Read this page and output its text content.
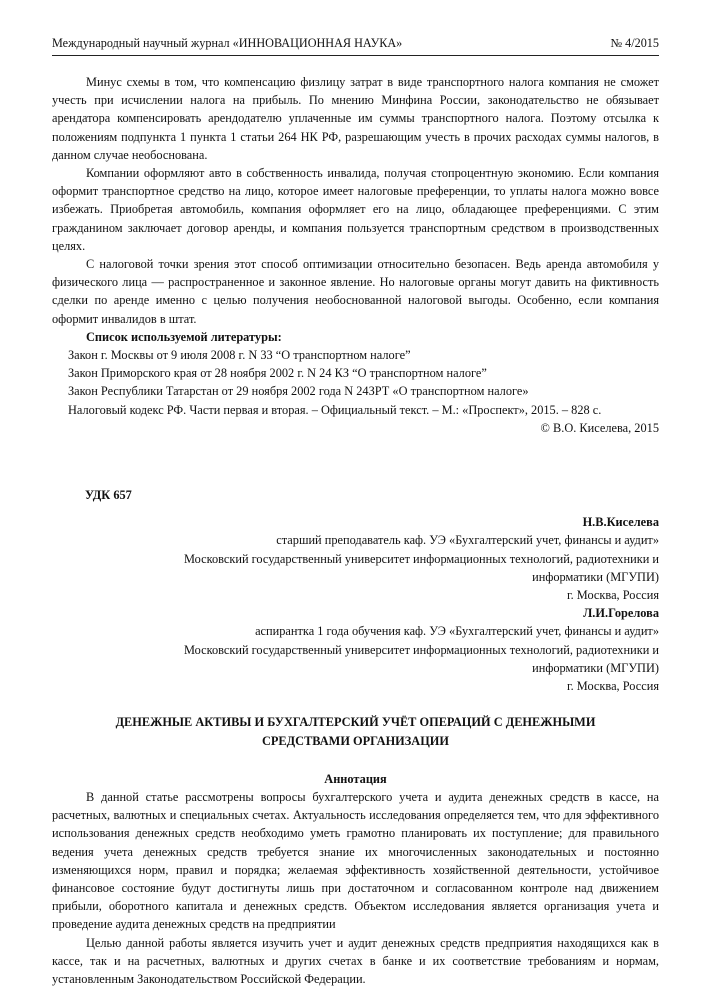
Международный научный журнал «ИННОВАЦИОННАЯ НАУКА»	№ 4/2015

Минус схемы в том, что компенсацию физлицу затрат в виде транспортного налога компания не сможет учесть при исчислении налога на прибыль. По мнению Минфина России, законодательство не обязывает арендатора компенсировать арендодателю уплаченные им суммы транспортного налога. Поэтому отсылка к положениям подпункта 1 пункта 1 статьи 264 НК РФ, разрешающим учесть в прочих расходах суммы налогов, в данном случае необоснована.

Компании оформляют авто в собственность инвалида, получая стопроцентную экономию. Если компания оформит транспортное средство на лицо, которое имеет налоговые преференции, то уплаты налога можно вовсе избежать. Приобретая автомобиль, компания оформляет его на лицо, обладающее преференциями. С этим гражданином заключает договор аренды, и компания пользуется транспортным средством в производственных целях.

С налоговой точки зрения этот способ оптимизации относительно безопасен. Ведь аренда автомобиля у физического лица — распространенное и законное явление. Но налоговые органы могут давить на фиктивность сделки по аренде именно с целью получения необоснованной налоговой выгоды. Особенно, если компания оформит инвалидов в штат.

Список используемой литературы:
Закон г. Москвы от 9 июля 2008 г. N 33 “О транспортном налоге”
Закон Приморского края от 28 ноября 2002 г. N 24 КЗ “О транспортном налоге”
Закон Республики Татарстан от 29 ноября 2002 года N 24ЗРТ «О транспортном налоге»
Налоговый кодекс РФ. Части первая и вторая. – Официальный текст. – М.: «Проспект», 2015. – 828 с.
© В.О. Киселева, 2015
УДК 657
Н.В.Киселева
старший преподаватель каф. УЭ «Бухгалтерский учет, финансы и аудит»
Московский государственный университет информационных технологий, радиотехники и
информатики (МГУПИ)
г. Москва, Россия
Л.И.Горелова
аспирантка 1 года обучения каф. УЭ «Бухгалтерский учет, финансы и аудит»
Московский государственный университет информационных технологий, радиотехники и
информатики (МГУПИ)
г. Москва, Россия
ДЕНЕЖНЫЕ АКТИВЫ И БУХГАЛТЕРСКИЙ УЧЁТ ОПЕРАЦИЙ С ДЕНЕЖНЫМИ
СРЕДСТВАМИ ОРГАНИЗАЦИИ
Аннотация

В данной статье рассмотрены вопросы бухгалтерского учета и аудита денежных средств в кассе, на расчетных, валютных и специальных счетах. Актуальность исследования определяется тем, что для эффективного использования денежных средств необходимо уметь грамотно планировать их поступление; для правильного ведения учета денежных средств требуется знание их многочисленных законодательных и постоянно изменяющихся норм, правил и порядка; желаемая эффективность хозяйственной деятельности, устойчивое финансовое состояние будут достигнуты лишь при достаточном и согласованном контроле над движением прибыли, оборотного капитала и денежных средств. Объектом исследования является организация учета и проведение аудита денежных средств на предприятии

Целью данной работы является изучить учет и аудит денежных средств предприятия находящихся как в кассе, так и на расчетных, валютных и других счетах в банке и их соответствие требованиям и нормам, установленным Законодательством Российской Федерации.
